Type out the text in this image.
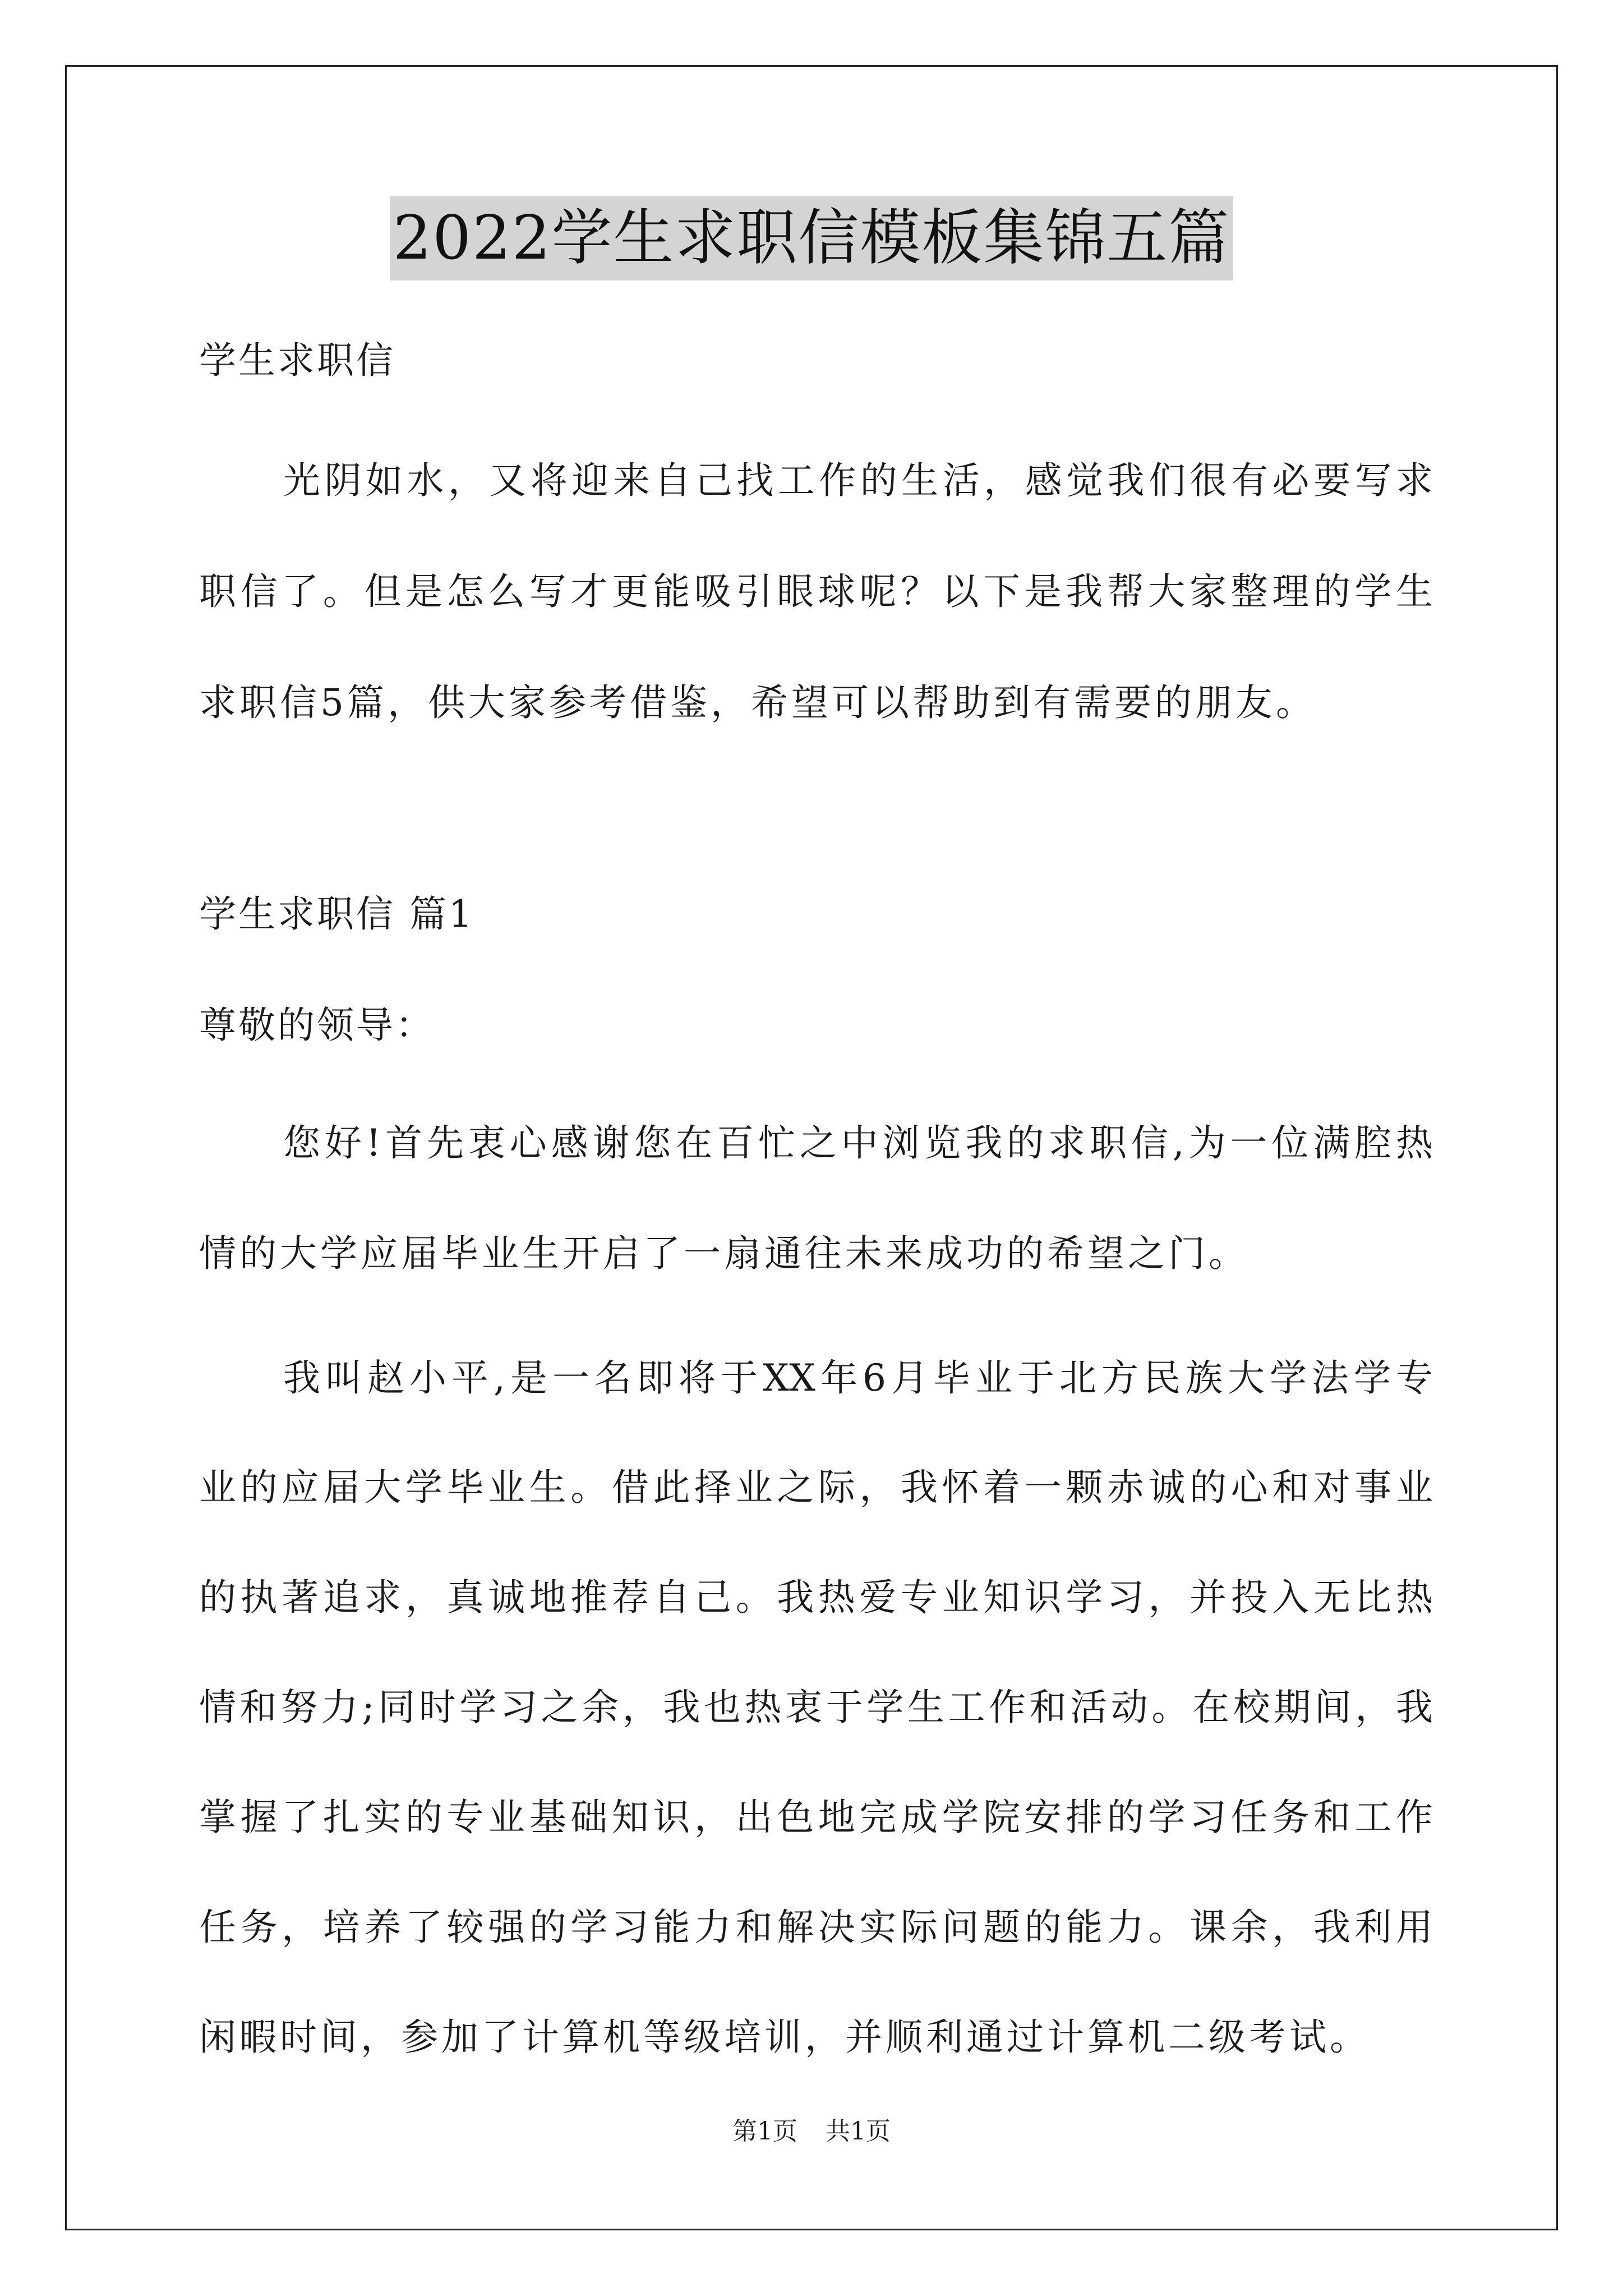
2022学生求职信模板集锦五篇
学生求职信
光阴如水，又将迎来自己找工作的生活，感觉我们很有必要写求
职信了。但是怎么写才更能吸引眼球呢？以下是我帮大家整理的学生
求职信5篇，供大家参考借鉴，希望可以帮助到有需要的朋友。
学生求职信 篇1
尊敬的领导：
您好!首先衷心感谢您在百忙之中浏览我的求职信,为一位满腔热
情的大学应届毕业生开启了一扇通往未来成功的希望之门。
我叫赵小平,是一名即将于XX年6月毕业于北方民族大学法学专
业的应届大学毕业生。借此择业之际，我怀着一颗赤诚的心和对事业
的执著追求，真诚地推荐自己。我热爱专业知识学习，并投入无比热
情和努力;同时学习之余，我也热衷于学生工作和活动。在校期间，我
掌握了扎实的专业基础知识，出色地完成学院安排的学习任务和工作
任务，培养了较强的学习能力和解决实际问题的能力。课余，我利用
闲暇时间，参加了计算机等级培训，并顺利通过计算机二级考试。
第1页 共1页
